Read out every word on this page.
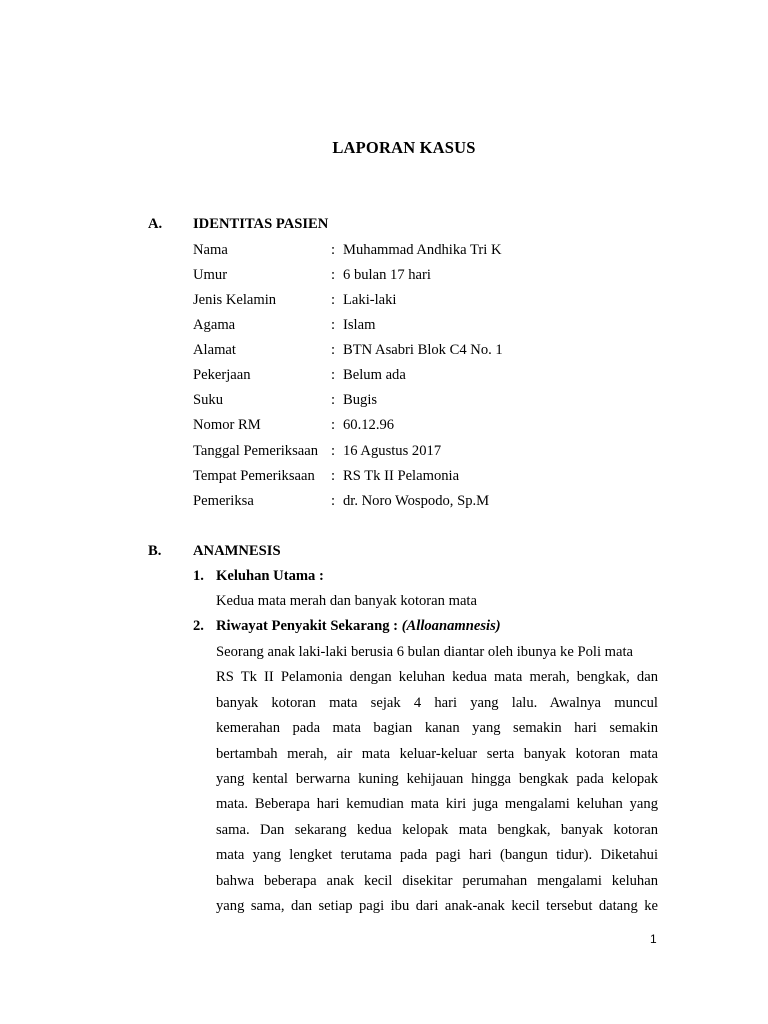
LAPORAN KASUS
A. IDENTITAS PASIEN
Nama	: Muhammad Andhika Tri K
Umur	: 6 bulan 17 hari
Jenis Kelamin	: Laki-laki
Agama	: Islam
Alamat	: BTN Asabri Blok C4 No. 1
Pekerjaan	: Belum ada
Suku	: Bugis
Nomor RM	: 60.12.96
Tanggal Pemeriksaan : 16 Agustus 2017
Tempat Pemeriksaan : RS Tk II Pelamonia
Pemeriksa	: dr. Noro Wospodo, Sp.M
B. ANAMNESIS
1. Keluhan Utama :
Kedua mata merah dan banyak kotoran mata
2. Riwayat Penyakit Sekarang : (Alloanamnesis)
Seorang anak laki-laki berusia 6 bulan diantar oleh ibunya ke Poli mata
RS Tk II Pelamonia dengan keluhan kedua mata merah, bengkak, dan
banyak kotoran mata sejak 4 hari yang lalu. Awalnya muncul
kemerahan pada mata bagian kanan yang semakin hari semakin
bertambah merah, air mata keluar-keluar serta banyak kotoran mata
yang kental berwarna kuning kehijauan hingga bengkak pada kelopak
mata. Beberapa hari kemudian mata kiri juga mengalami keluhan yang
sama. Dan sekarang kedua kelopak mata bengkak, banyak kotoran
mata yang lengket terutama pada pagi hari (bangun tidur). Diketahui
bahwa beberapa anak kecil disekitar perumahan mengalami keluhan
yang sama, dan setiap pagi ibu dari anak-anak kecil tersebut datang ke
1
